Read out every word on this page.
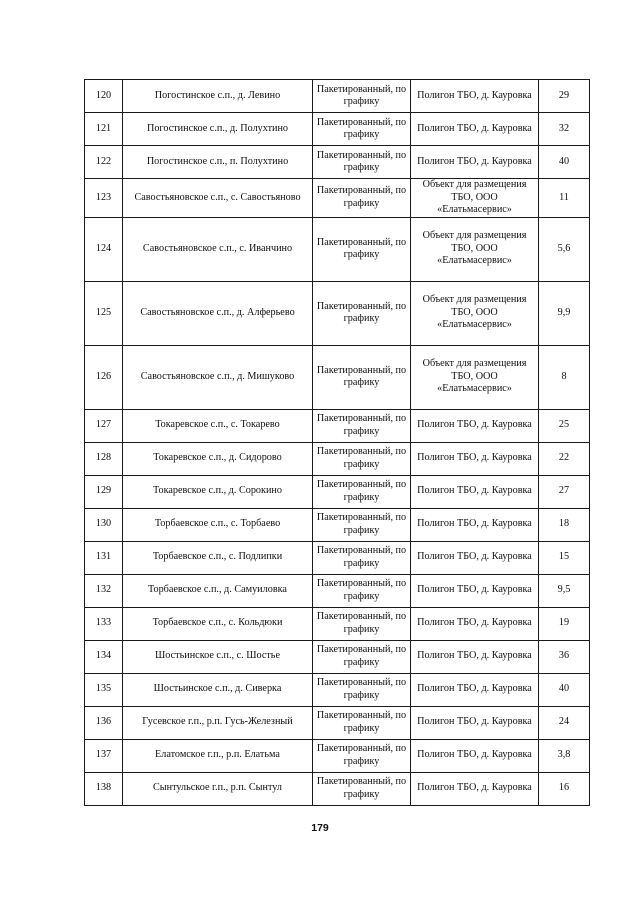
120	Погостинское с.п., д. Левино	Пакетированный, по графику	Полигон ТБО, д. Кауровка	29
121	Погостинское с.п., д. Полухтино	Пакетированный, по графику	Полигон ТБО, д. Кауровка	32
122	Погостинское с.п., п. Полухтино	Пакетированный, по графику	Полигон ТБО, д. Кауровка	40
123	Савостьяновское с.п., с. Савостьяново	Пакетированный, по графику	Объект для размещения ТБО, ООО «Елатьмасервис»	11
124	Савостьяновское с.п., с. Иванчино	Пакетированный, по графику	Объект для размещения ТБО, ООО «Елатьмасервис»	5,6
125	Савостьяновское с.п., д. Алферьево	Пакетированный, по графику	Объект для размещения ТБО, ООО «Елатьмасервис»	9,9
126	Савостьяновское с.п., д. Мишуково	Пакетированный, по графику	Объект для размещения ТБО, ООО «Елатьмасервис»	8
127	Токаревское с.п., с. Токарево	Пакетированный, по графику	Полигон ТБО, д. Кауровка	25
128	Токаревское с.п., д. Сидорово	Пакетированный, по графику	Полигон ТБО, д. Кауровка	22
129	Токаревское с.п., д. Сорокино	Пакетированный, по графику	Полигон ТБО, д. Кауровка	27
130	Торбаевское с.п., с. Торбаево	Пакетированный, по графику	Полигон ТБО, д. Кауровка	18
131	Торбаевское с.п., с. Подлипки	Пакетированный, по графику	Полигон ТБО, д. Кауровка	15
132	Торбаевское с.п., д. Самуиловка	Пакетированный, по графику	Полигон ТБО, д. Кауровка	9,5
133	Торбаевское с.п., с. Кольдюки	Пакетированный, по графику	Полигон ТБО, д. Кауровка	19
134	Шостьинское с.п., с. Шостье	Пакетированный, по графику	Полигон ТБО, д. Кауровка	36
135	Шостьинское с.п., д. Сиверка	Пакетированный, по графику	Полигон ТБО, д. Кауровка	40
136	Гусевское г.п., р.п. Гусь-Железный	Пакетированный, по графику	Полигон ТБО, д. Кауровка	24
137	Елатомское г.п., р.п. Елатьма	Пакетированный, по графику	Полигон ТБО, д. Кауровка	3,8
138	Сынтульское г.п., р.п. Сынтул	Пакетированный, по графику	Полигон ТБО, д. Кауровка	16
179
